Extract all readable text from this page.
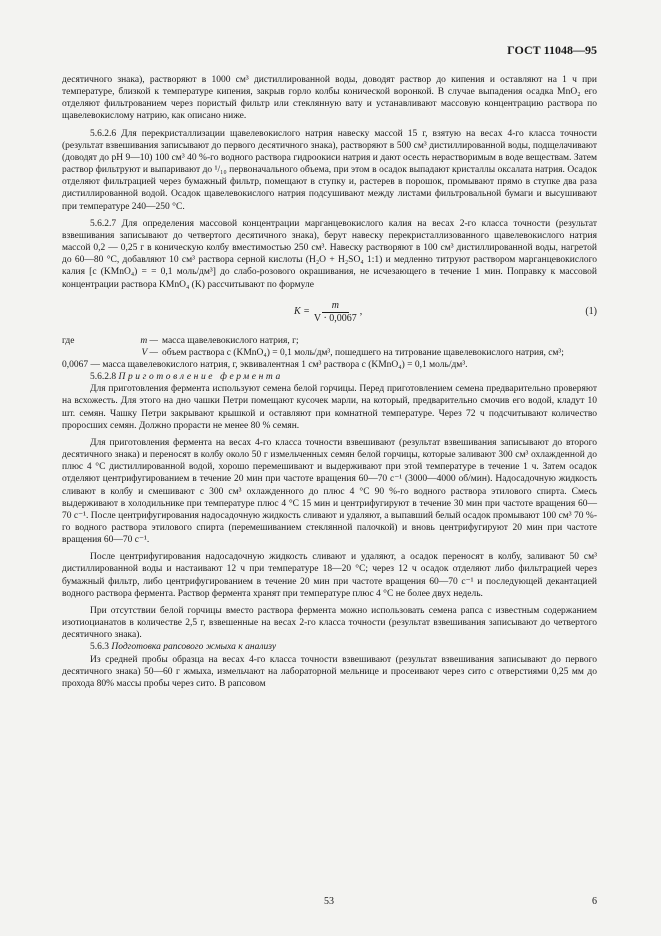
ГОСТ 11048—95

десятичного знака), растворяют в 1000 см³ дистиллированной воды, доводят раствор до кипения и оставляют на 1 ч при температуре, близкой к температуре кипения, закрыв горло колбы конической воронкой. В случае выпадения осадка MnO₂ его отделяют фильтрованием через пористый фильтр или стеклянную вату и устанавливают массовую концентрацию раствора по щавелевокислому натрию, как описано ниже.

5.6.2.6 Для перекристаллизации щавелевокислого натрия навеску массой 15 г, взятую на весах 4-го класса точности (результат взвешивания записывают до первого десятичного знака), растворяют в 500 см³ дистиллированной воды, подщелачивают (доводят до pH 9—10) 100 см³ 40 %-го водного раствора гидроокиси натрия и дают осесть нерастворимым в воде веществам. Затем раствор фильтруют и выпаривают до ¹/₁₀ первоначального объема, при этом в осадок выпадают кристаллы оксалата натрия. Осадок отделяют фильтрацией через бумажный фильтр, помещают в ступку и, растерев в порошок, промывают прямо в ступке два раза дистиллированной водой. Осадок щавелевокислого натрия подсушивают между листами фильтровальной бумаги и высушивают при температуре 240—250 °С.

5.6.2.7 Для определения массовой концентрации марганцевокислого калия на весах 2-го класса точности (результат взвешивания записывают до четвертого десятичного знака), берут навеску перекристаллизованного щавелевокислого натрия массой 0,2 — 0,25 г в коническую колбу вместимостью 250 см³. Навеску растворяют в 100 см³ дистиллированной воды, нагретой до 60—80 °С, добавляют 10 см³ раствора серной кислоты (H₂O + H₂SO₄ 1:1) и медленно титруют раствором марганцевокислого калия [c (KMnO₄) = = 0,1 моль/дм³] до слабо-розового окрашивания, не исчезающего в течение 1 мин. Поправку к массовой концентрации раствора KMnO₄ (K) рассчитывают по формуле

$K = \frac{m}{V \cdot 0,0067}$ ,	(1)
где	m — масса щавелевокислого натрия, г;
V — объем раствора c (KMnO₄) = 0,1 моль/дм³, пошедшего на титрование щавелевокислого натрия, см³;

0,0067 — масса щавелевокислого натрия, г, эквивалентная 1 см³ раствора c (KMnO₄) = 0,1 моль/дм³.

5.6.2.8 Приготовление фермента

Для приготовления фермента используют семена белой горчицы. Перед приготовлением семена предварительно проверяют на всхожесть. Для этого на дно чашки Петри помещают кусочек марли, на который, предварительно смочив его водой, кладут 10 шт. семян. Чашку Петри закрывают крышкой и оставляют при комнатной температуре. Через 72 ч подсчитывают количество проросших семян. Должно прорасти не менее 80 % семян.

Для приготовления фермента на весах 4-го класса точности взвешивают (результат взвешивания записывают до второго десятичного знака) и переносят в колбу около 50 г измельченных семян белой горчицы, которые заливают 300 см³ охлажденной до плюс 4 °С дистиллированной водой, хорошо перемешивают и выдерживают при этой температуре в течение 1 ч. Затем осадок отделяют центрифугированием в течение 20 мин при частоте вращения 60—70 с⁻¹ (3000—4000 об/мин). Надосадочную жидкость сливают в колбу и смешивают с 300 см³ охлажденного до плюс 4 °С 90 %-го водного раствора этилового спирта. Смесь выдерживают в холодильнике при температуре плюс 4 °С 15 мин и центрифугируют в течение 30 мин при частоте вращения 60—70 с⁻¹. После центрифугирования надосадочную жидкость сливают и удаляют, а выпавший белый осадок промывают 100 см³ 70 %-го водного раствора этилового спирта (перемешиванием стеклянной палочкой) и вновь центрифугируют 20 мин при частоте вращения 60—70 с⁻¹.

После центрифугирования надосадочную жидкость сливают и удаляют, а осадок переносят в колбу, заливают 50 см³ дистиллированной воды и настаивают 12 ч при температуре 18—20 °С; через 12 ч осадок отделяют либо фильтрацией через бумажный фильтр, либо центрифугированием в течение 20 мин при частоте вращения 60—70 с⁻¹ и последующей декантацией водного раствора фермента. Раствор фермента хранят при температуре плюс 4 °С не более двух недель.

При отсутствии белой горчицы вместо раствора фермента можно использовать семена рапса с известным содержанием изотиоцианатов в количестве 2,5 г, взвешенные на весах 2-го класса точности (результат взвешивания записывают до четвертого десятичного знака).

5.6.3 Подготовка рапсового жмыха к анализу

Из средней пробы образца на весах 4-го класса точности взвешивают (результат взвешивания записывают до первого десятичного знака) 50—60 г жмыха, измельчают на лабораторной мельнице и просеивают через сито с отверстиями 0,25 мм до прохода 80% массы пробы через сито. В рапсовом

53	6
